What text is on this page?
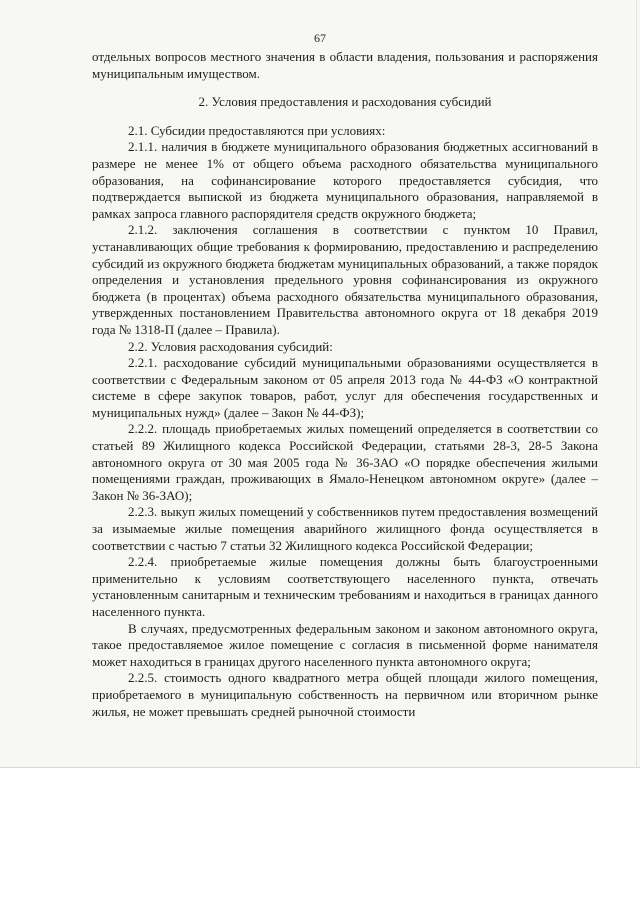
67

отдельных вопросов местного значения в области владения, пользования и распоряжения муниципальным имуществом.

2. Условия предоставления и расходования субсидий

2.1. Субсидии предоставляются при условиях:

2.1.1. наличия в бюджете муниципального образования бюджетных ассигнований в размере не менее 1% от общего объема расходного обязательства муниципального образования, на софинансирование которого предоставляется субсидия, что подтверждается выпиской из бюджета муниципального образования, направляемой в рамках запроса главного распорядителя средств окружного бюджета;

2.1.2. заключения соглашения в соответствии с пунктом 10 Правил, устанавливающих общие требования к формированию, предоставлению и распределению субсидий из окружного бюджета бюджетам муниципальных образований, а также порядок определения и установления предельного уровня софинансирования из окружного бюджета (в процентах) объема расходного обязательства муниципального образования, утвержденных постановлением Правительства автономного округа от 18 декабря 2019 года № 1318-П (далее – Правила).

2.2. Условия расходования субсидий:

2.2.1. расходование субсидий муниципальными образованиями осуществляется в соответствии с Федеральным законом от 05 апреля 2013 года № 44-ФЗ «О контрактной системе в сфере закупок товаров, работ, услуг для обеспечения государственных и муниципальных нужд» (далее – Закон № 44-ФЗ);

2.2.2. площадь приобретаемых жилых помещений определяется в соответствии со статьей 89 Жилищного кодекса Российской Федерации, статьями 28-3, 28-5 Закона автономного округа от 30 мая 2005 года № 36-ЗАО «О порядке обеспечения жилыми помещениями граждан, проживающих в Ямало-Ненецком автономном округе» (далее – Закон № 36-ЗАО);

2.2.3. выкуп жилых помещений у собственников путем предоставления возмещений за изымаемые жилые помещения аварийного жилищного фонда осуществляется в соответствии с частью 7 статьи 32 Жилищного кодекса Российской Федерации;

2.2.4. приобретаемые жилые помещения должны быть благоустроенными применительно к условиям соответствующего населенного пункта, отвечать установленным санитарным и техническим требованиям и находиться в границах данного населенного пункта.

В случаях, предусмотренных федеральным законом и законом автономного округа, такое предоставляемое жилое помещение с согласия в письменной форме нанимателя может находиться в границах другого населенного пункта автономного округа;

2.2.5. стоимость одного квадратного метра общей площади жилого помещения, приобретаемого в муниципальную собственность на первичном или вторичном рынке жилья, не может превышать средней рыночной стоимости
